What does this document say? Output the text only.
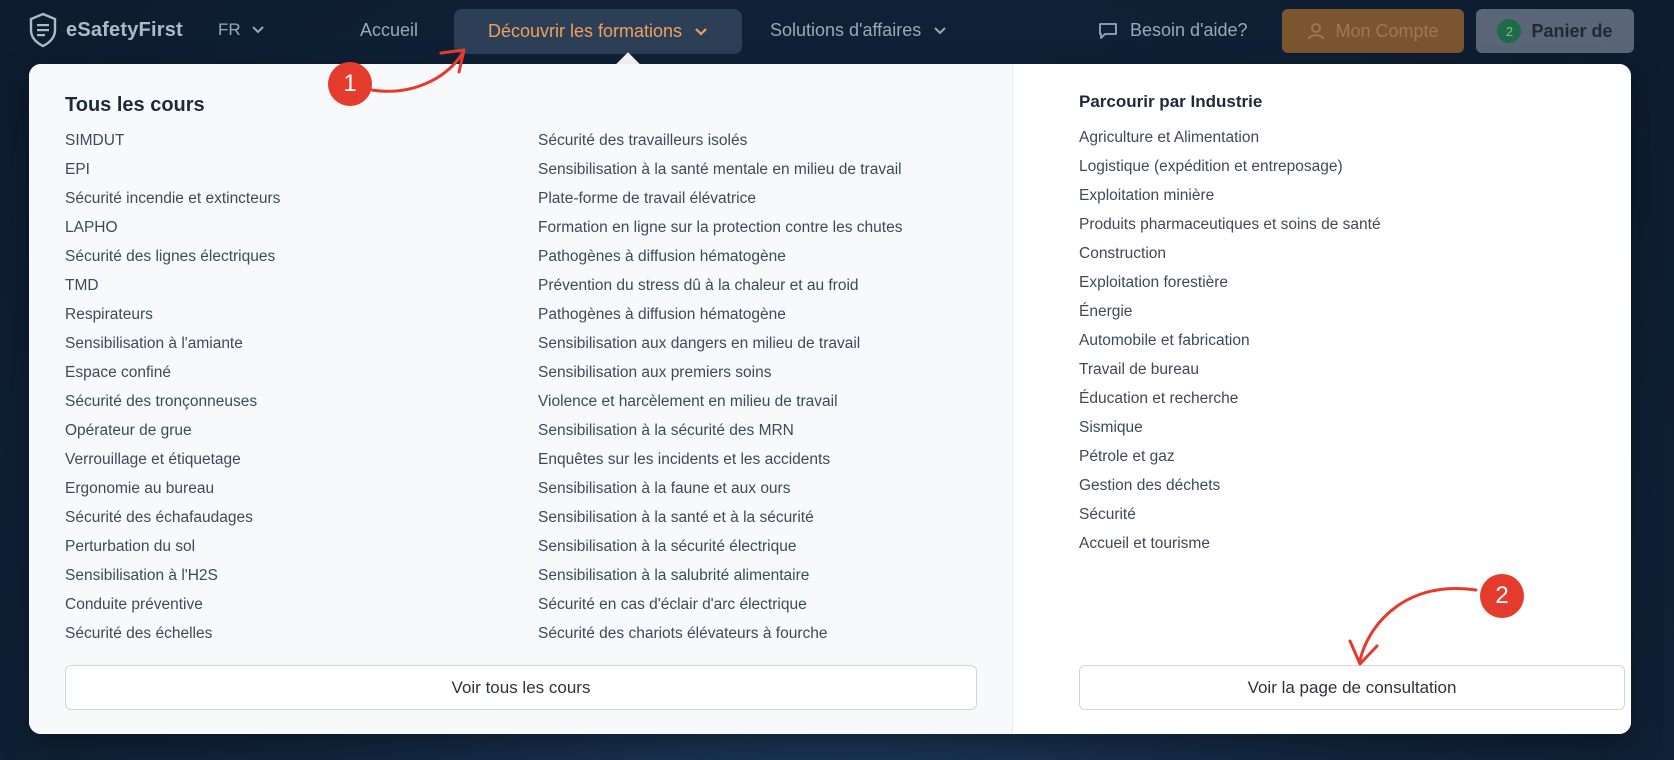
eSafetyFirst FR	Accueil	Découvrir les formations	Solutions d'affaires	Besoin d'aide?	Mon Compte	2	Panier de
Tous les cours
SIMDUT
EPI
Sécurité incendie et extincteurs
LAPHO
Sécurité des lignes électriques
TMD
Respirateurs
Sensibilisation à l'amiante
Espace confiné
Sécurité des tronçonneuses
Opérateur de grue
Verrouillage et étiquetage
Ergonomie au bureau
Sécurité des échafaudages
Perturbation du sol
Sensibilisation à l'H2S
Conduite préventive
Sécurité des échelles
Sécurité des travailleurs isolés
Sensibilisation à la santé mentale en milieu de travail
Plate-forme de travail élévatrice
Formation en ligne sur la protection contre les chutes
Pathogènes à diffusion hématogène
Prévention du stress dû à la chaleur et au froid
Pathogènes à diffusion hématogène
Sensibilisation aux dangers en milieu de travail
Sensibilisation aux premiers soins
Violence et harcèlement en milieu de travail
Sensibilisation à la sécurité des MRN
Enquêtes sur les incidents et les accidents
Sensibilisation à la faune et aux ours
Sensibilisation à la santé et à la sécurité
Sensibilisation à la sécurité électrique
Sensibilisation à la salubrité alimentaire
Sécurité en cas d'éclair d'arc électrique
Sécurité des chariots élévateurs à fourche
Voir tous les cours
Parcourir par Industrie
Agriculture et Alimentation
Logistique (expédition et entreposage)
Exploitation minière
Produits pharmaceutiques et soins de santé
Construction
Exploitation forestière
Énergie
Automobile et fabrication
Travail de bureau
Éducation et recherche
Sismique
Pétrole et gaz
Gestion des déchets
Sécurité
Accueil et tourisme
Voir la page de consultation
1
2
